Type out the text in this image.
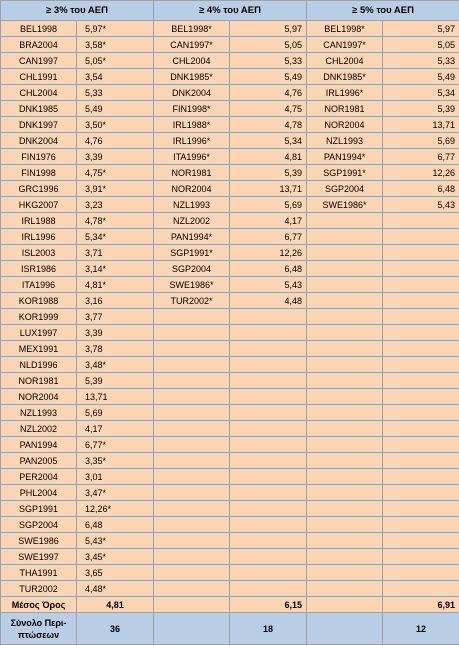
≥ 3% του ΑΕΠ		≥ 4% του ΑΕΠ		≥ 5% του ΑΕΠ	
BEL1998	5,97*	BEL1998*	5,97	BEL1998*	5,97
BRA2004	3,58*	CAN1997*	5,05	CAN1997*	5,05
CAN1997	5,05*	CHL2004	5,33	CHL2004	5,33
CHL1991	3,54	DNK1985*	5,49	DNK1985*	5,49
CHL2004	5,33	DNK2004	4,76	IRL1996*	5,34
DNK1985	5,49	FIN1998*	4,75	NOR1981	5,39
DNK1997	3,50*	IRL1988*	4,78	NOR2004	13,71
DNK2004	4,76	IRL1996*	5,34	NZL1993	5,69
FIN1976	3,39	ITA1996*	4,81	PAN1994*	6,77
FIN1998	4,75*	NOR1981	5,39	SGP1991*	12,26
GRC1996	3,91*	NOR2004	13,71	SGP2004	6,48
HKG2007	3,23	NZL1993	5,69	SWE1986*	5,43
IRL1988	4,78*	NZL2002	4,17		
IRL1996	5,34*	PAN1994*	6,77		
ISL2003	3,71	SGP1991*	12,26		
ISR1986	3,14*	SGP2004	6,48		
ITA1996	4,81*	SWE1986*	5,43		
KOR1988	3,16	TUR2002*	4,48		
KOR1999	3,77				
LUX1997	3,39				
MEX1991	3,78				
NLD1996	3,48*				
NOR1981	5,39				
NOR2004	13,71				
NZL1993	5,69				
NZL2002	4,17				
PAN1994	6,77*				
PAN2005	3,35*				
PER2004	3,01				
PHL2004	3,47*				
SGP1991	12,26*				
SGP2004	6,48				
SWE1986	5,43*				
SWE1997	3,45*				
THA1991	3,65				
TUR2002	4,48*				
Μέσος Όρος	4,81		6,15		6,91
Σύνολο Περι-πτώσεων	36		18		12
